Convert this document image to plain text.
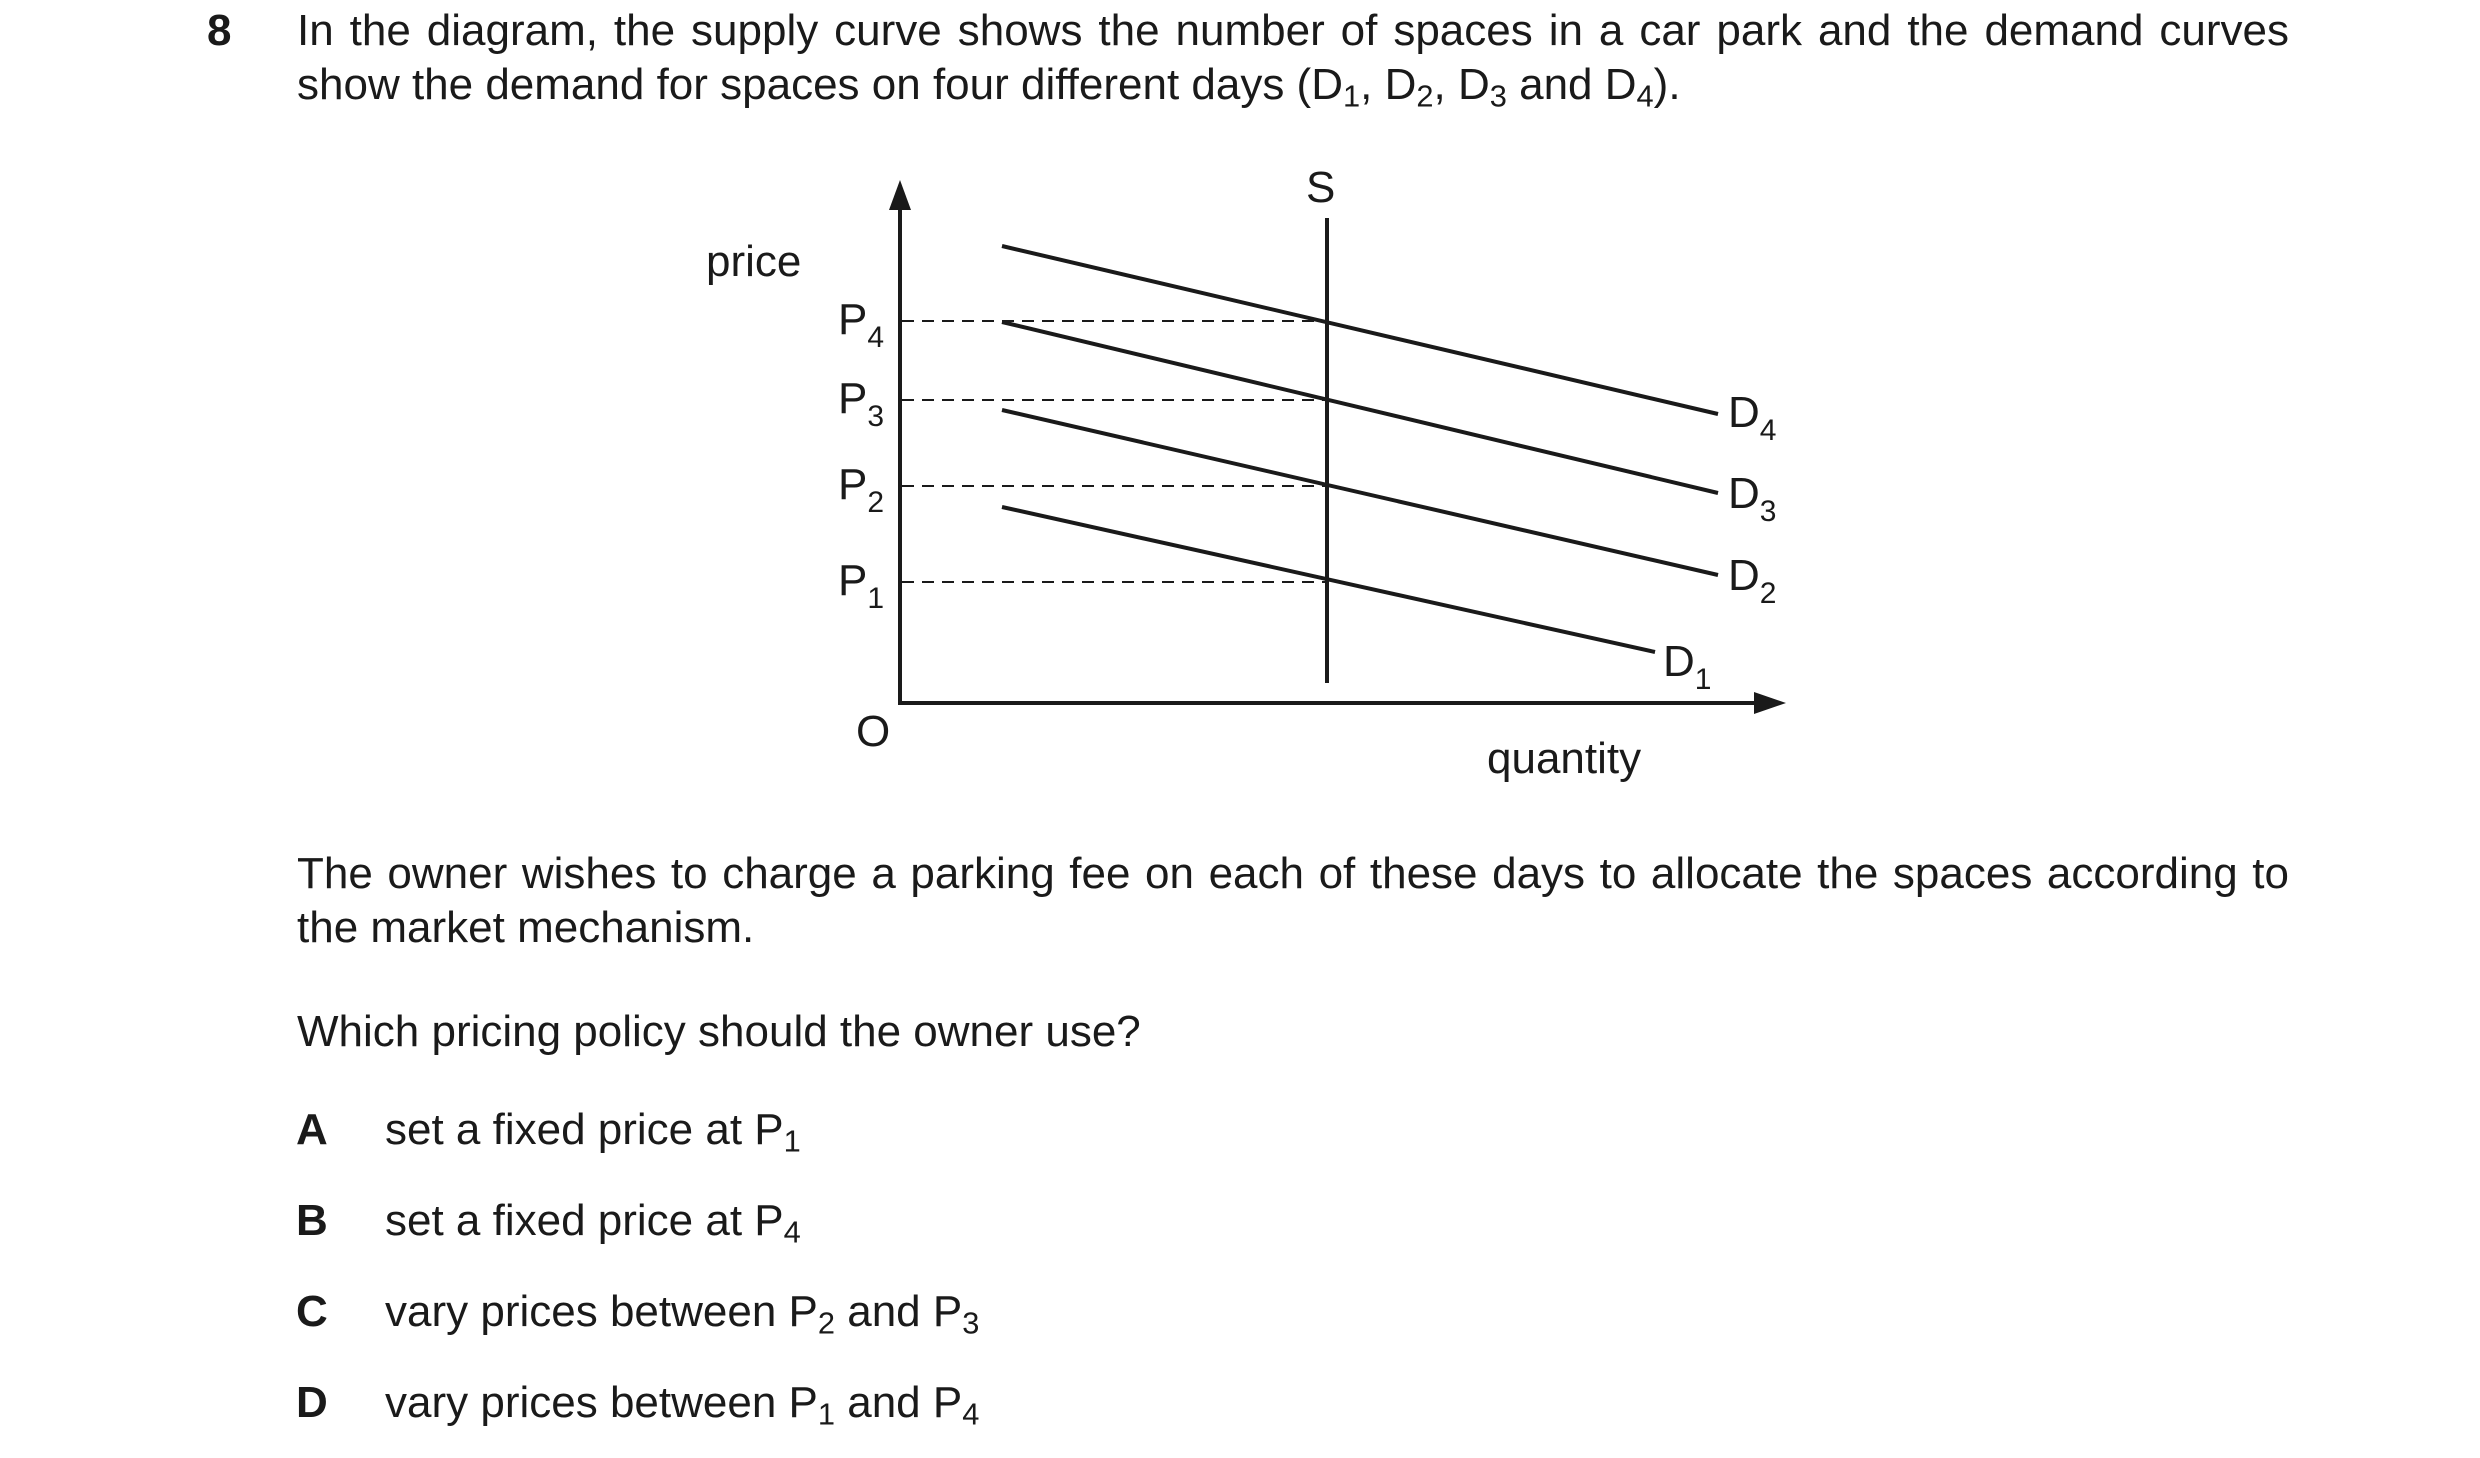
8 In the diagram, the supply curve shows the number of spaces in a car park and the demand curves show the demand for spaces on four different days ($D_1$, $D_2$, $D_3$ and $D_4$).
price
quantity
O
S
$P_4$
$P_3$
$P_2$
$P_1$
$D_4$
$D_3$
$D_2$
$D_1$
The owner wishes to charge a parking fee on each of these days to allocate the spaces according to the market mechanism.
Which pricing policy should the owner use?
A set a fixed price at $P_1$
B set a fixed price at $P_4$
C vary prices between $P_2$ and $P_3$
D vary prices between $P_1$ and $P_4$
